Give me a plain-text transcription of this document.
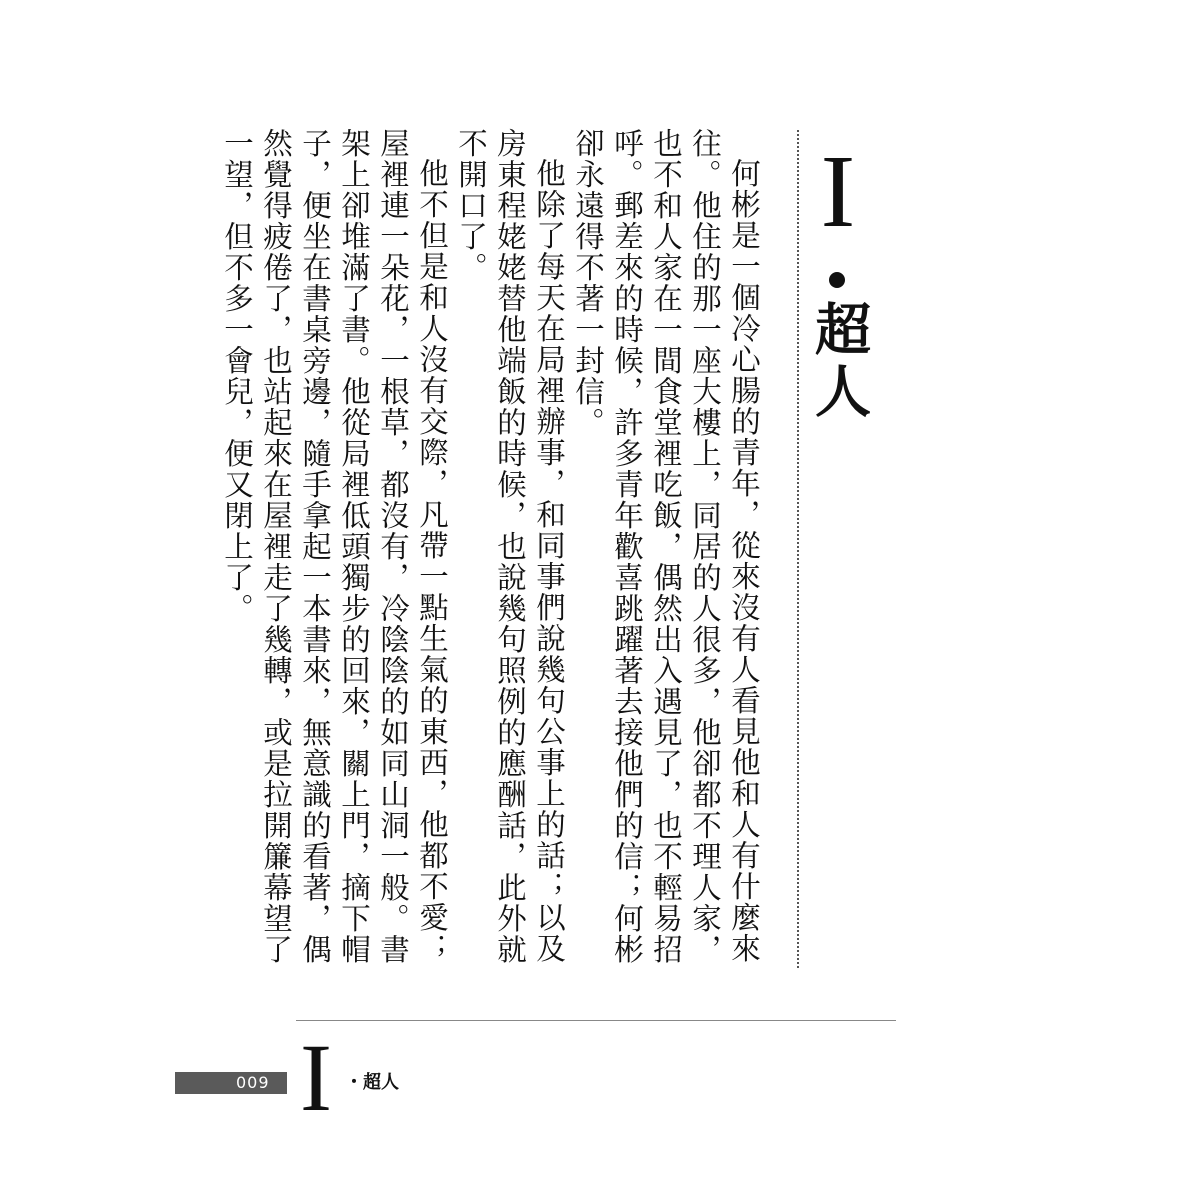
I
超人

何彬是一個冷心腸的青年，從來沒有人看見他和人有什麼來往。他住的那一座大樓上，同居的人很多，他卻都不理人家，也不和人家在一間食堂裡吃飯，偶然出入遇見了，也不輕易招呼。郵差來的時候，許多青年歡喜跳躍著去接他們的信；何彬卻永遠得不著一封信。

他除了每天在局裡辦事，和同事們說幾句公事上的話；以及房東程姥姥替他端飯的時候，也說幾句照例的應酬話，此外就不開口了。

他不但是和人沒有交際，凡帶一點生氣的東西，他都不愛；屋裡連一朵花，一根草，都沒有，冷陰陰的如同山洞一般。書架上卻堆滿了書。他從局裡低頭獨步的回來，關上門，摘下帽子，便坐在書桌旁邊，隨手拿起一本書來，無意識的看著，偶然覺得疲倦了，也站起來在屋裡走了幾轉，或是拉開簾幕望了一望，但不多一會兒，便又閉上了。

009 I ・超人
